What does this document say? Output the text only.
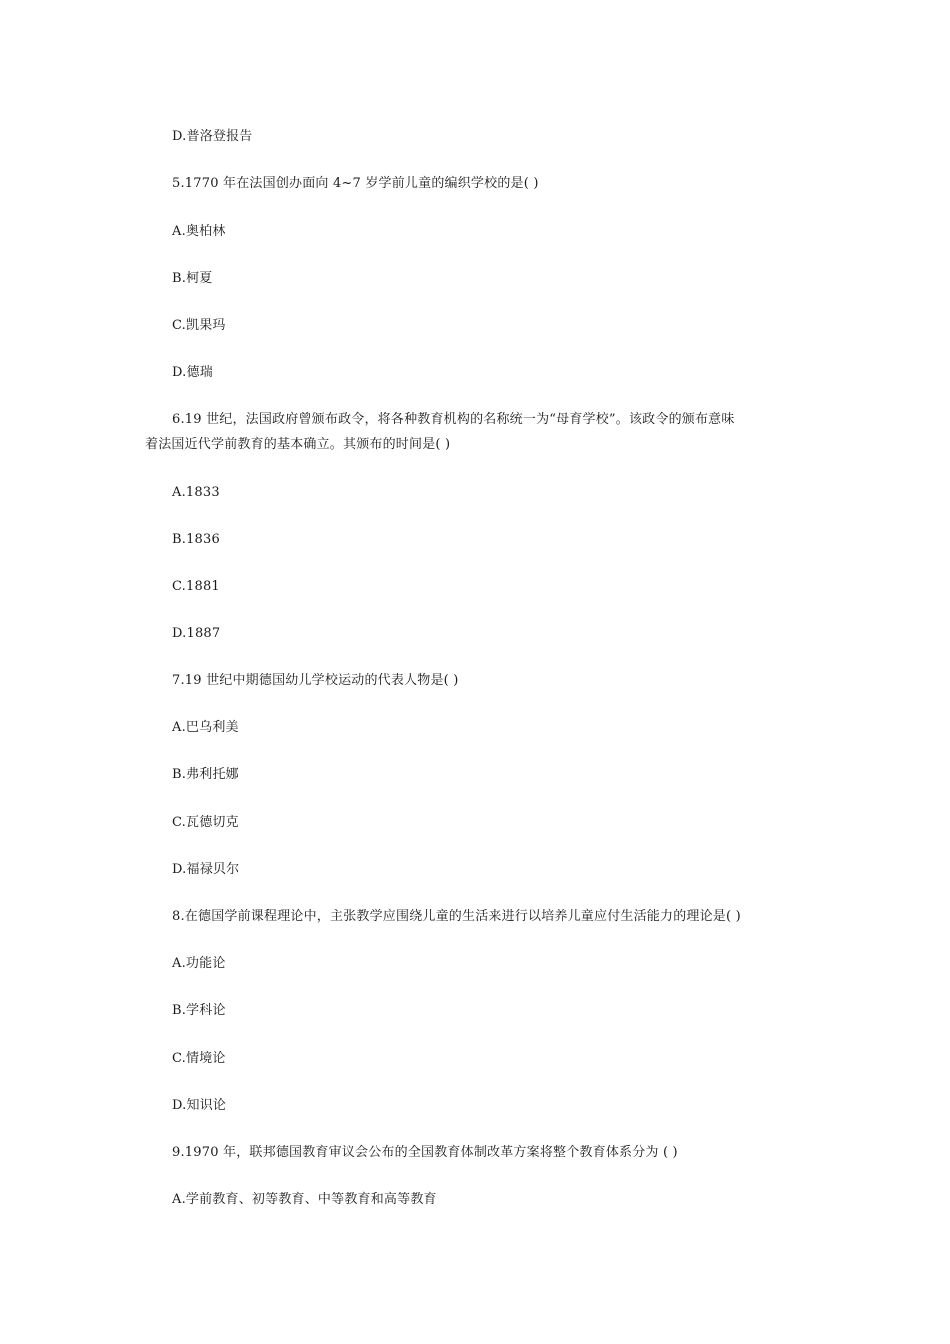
D.普洛登报告
5.1770 年在法国创办面向 4~7 岁学前儿童的编织学校的是( )
A.奥柏林
B.柯夏
C.凯果玛
D.德瑞
6.19 世纪，法国政府曾颁布政令，将各种教育机构的名称统一为“母育学校”。该政令的颁布意味
着法国近代学前教育的基本确立。其颁布的时间是( )
A.1833
B.1836
C.1881
D.1887
7.19 世纪中期德国幼儿学校运动的代表人物是( )
A.巴乌利美
B.弗利托娜
C.瓦德切克
D.福禄贝尔
8.在德国学前课程理论中，主张教学应围绕儿童的生活来进行以培养儿童应付生活能力的理论是( )
A.功能论
B.学科论
C.情境论
D.知识论
9.1970 年，联邦德国教育审议会公布的全国教育体制改革方案将整个教育体系分为 ( )
A.学前教育、初等教育、中等教育和高等教育
